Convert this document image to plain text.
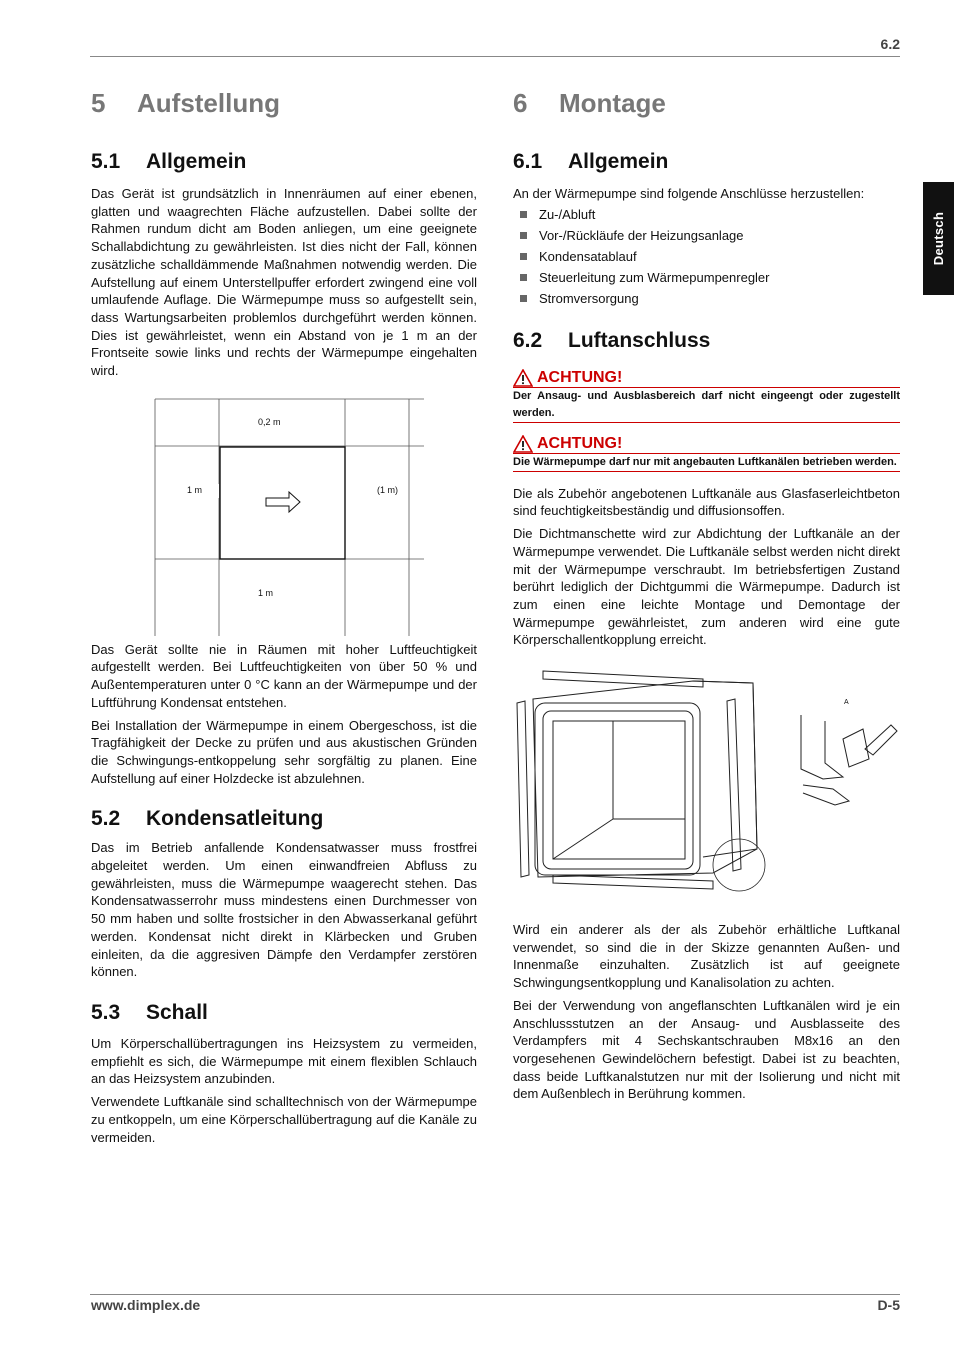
6.2
Deutsch
www.dimplex.de	D-5
5	Aufstellung
5.1	Allgemein

Das Gerät ist grundsätzlich in Innenräumen auf einer ebenen, glatten und waagrechten Fläche aufzustellen. Dabei sollte der Rahmen rundum dicht am Boden anliegen, um eine geeignete Schallabdichtung zu gewährleisten. Ist dies nicht der Fall, können zusätzliche schalldämmende Maßnahmen notwendig werden. Die Aufstellung auf einem Unterstellpuffer erfordert zwingend eine voll umlaufende Auflage. Die Wärmepumpe muss so aufgestellt sein, dass Wartungsarbeiten problemlos durchgeführt werden können. Dies ist gewährleistet, wenn ein Abstand von je 1 m an der Frontseite sowie links und rechts der Wärmepumpe eingehalten wird.

0,2 m
1 m	(1 m)
1 m

Das Gerät sollte nie in Räumen mit hoher Luftfeuchtigkeit aufgestellt werden. Bei Luftfeuchtigkeiten von über 50 % und Außentemperaturen unter 0 °C kann an der Wärmepumpe und der Luftführung Kondensat entstehen.

Bei Installation der Wärmepumpe in einem Obergeschoss, ist die Tragfähigkeit der Decke zu prüfen und aus akustischen Gründen die Schwingungs-entkoppelung sehr sorgfältig zu planen. Eine Aufstellung auf einer Holzdecke ist abzulehnen.

5.2	Kondensatleitung

Das im Betrieb anfallende Kondensatwasser muss frostfrei abgeleitet werden. Um einen einwandfreien Abfluss zu gewährleisten, muss die Wärmepumpe waagerecht stehen. Das Kondensatwasserrohr muss mindestens einen Durchmesser von 50 mm haben und sollte frostsicher in den Abwasserkanal geführt werden. Kondensat nicht direkt in Klärbecken und Gruben einleiten, da die aggresiven Dämpfe den Verdampfer zerstören können.

5.3	Schall

Um Körperschallübertragungen ins Heizsystem zu vermeiden, empfiehlt es sich, die Wärmepumpe mit einem flexiblen Schlauch an das Heizsystem anzubinden.

Verwendete Luftkanäle sind schalltechnisch von der Wärmepumpe zu entkoppeln, um eine Körperschallübertragung auf die Kanäle zu vermeiden.

6	Montage
6.1	Allgemein

An der Wärmepumpe sind folgende Anschlüsse herzustellen:

Zu-/Abluft
Vor-/Rückläufe der Heizungsanlage
Kondensatablauf
Steuerleitung zum Wärmepumpenregler
Stromversorgung
6.2	Luftanschluss
ACHTUNG!
Der Ansaug- und Ausblasbereich darf nicht eingeengt oder zugestellt werden.
ACHTUNG!
Die Wärmepumpe darf nur mit angebauten Luftkanälen betrieben werden.

Die als Zubehör angebotenen Luftkanäle aus Glasfaserleichtbeton sind feuchtigkeitsbeständig und diffusionsoffen.

Die Dichtmanschette wird zur Abdichtung der Luftkanäle an der Wärmepumpe verwendet. Die Luftkanäle selbst werden nicht direkt mit der Wärmepumpe verschraubt. Im betriebsfertigen Zustand berührt lediglich der Dichtgummi die Wärmepumpe. Dadurch ist zum einen eine leichte Montage und Demontage der Wärmepumpe gewährleistet, zum anderen wird eine gute Körperschallentkopplung erreicht.

A

Wird ein anderer als der als Zubehör erhältliche Luftkanal verwendet, so sind die in der Skizze genannten Außen- und Innenmaße einzuhalten. Zusätzlich ist auf geeignete Schwingungsentkopplung und Kanalisolation zu achten.

Bei der Verwendung von angeflanschten Luftkanälen wird je ein Anschlussstutzen an der Ansaug- und Ausblasseite des Verdampfers mit 4 Sechskantschrauben M8x16 an den vorgesehenen Gewindelöchern befestigt. Dabei ist zu beachten, dass beide Luftkanalstutzen nur mit der Isolierung und nicht mit dem Außenblech in Berührung kommen.
